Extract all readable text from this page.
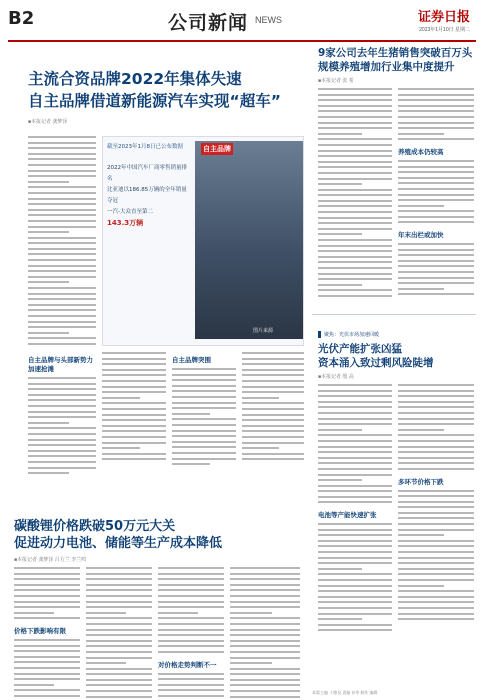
B2	公司新闻 NEWS	证券日报
2023年1月10日 星期二
主流合资品牌2022年集体失速
自主品牌借道新能源汽车实现“超车”
■本报记者 龚梦泽
截至2023年1月8日已公布数据
2022年中国汽车厂商零售销量排名
比亚迪以186.85万辆的全年销量夺冠
一汽-大众直至第二
143.3万辆
自主品牌
图片来源
自主品牌与头部新势力加速抢滩
自主品牌突围
碳酸锂价格跌破50万元大关
促进动力电池、储能等生产成本降低
■本报记者 龚梦泽 吕方兰 李兰鸣
价格下跌影响有限
对价格走势判断不一
9家公司去年生猪销售突破百万头
规模养殖增加行业集中度提升
■本报记者 张 希
养殖成本仍较高
年末出栏或加快
聚焦：光伏市场加速回暖
光伏产能扩张凶猛
资本涌入致过剩风险陡增
■本报记者 殷 高
电池等产能快速扩张
多环节价格下跌
本版主编 于德良 责编 孙华 制作 编辑
